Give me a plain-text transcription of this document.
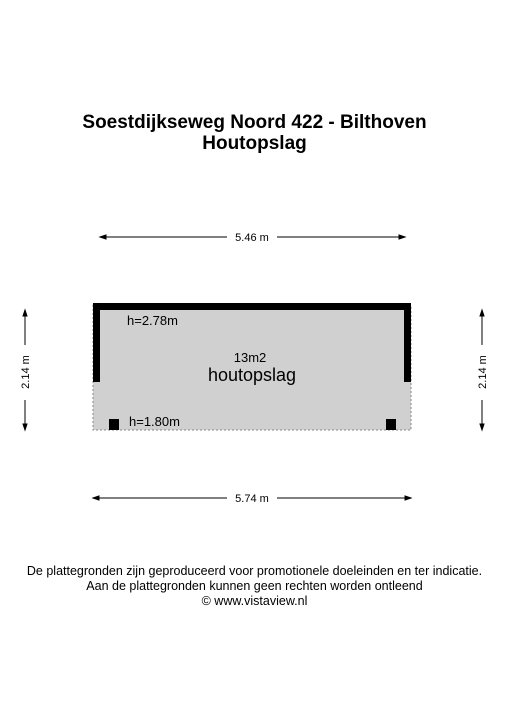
Soestdijkseweg Noord 422 - Bilthoven
Houtopslag
h=2.78m
13m2
houtopslag
h=1.80m
5.46 m
5.74 m
2.14 m	2.14 m
De plattegronden zijn geproduceerd voor promotionele doeleinden en ter indicatie.
Aan de plattegronden kunnen geen rechten worden ontleend
© www.vistaview.nl
